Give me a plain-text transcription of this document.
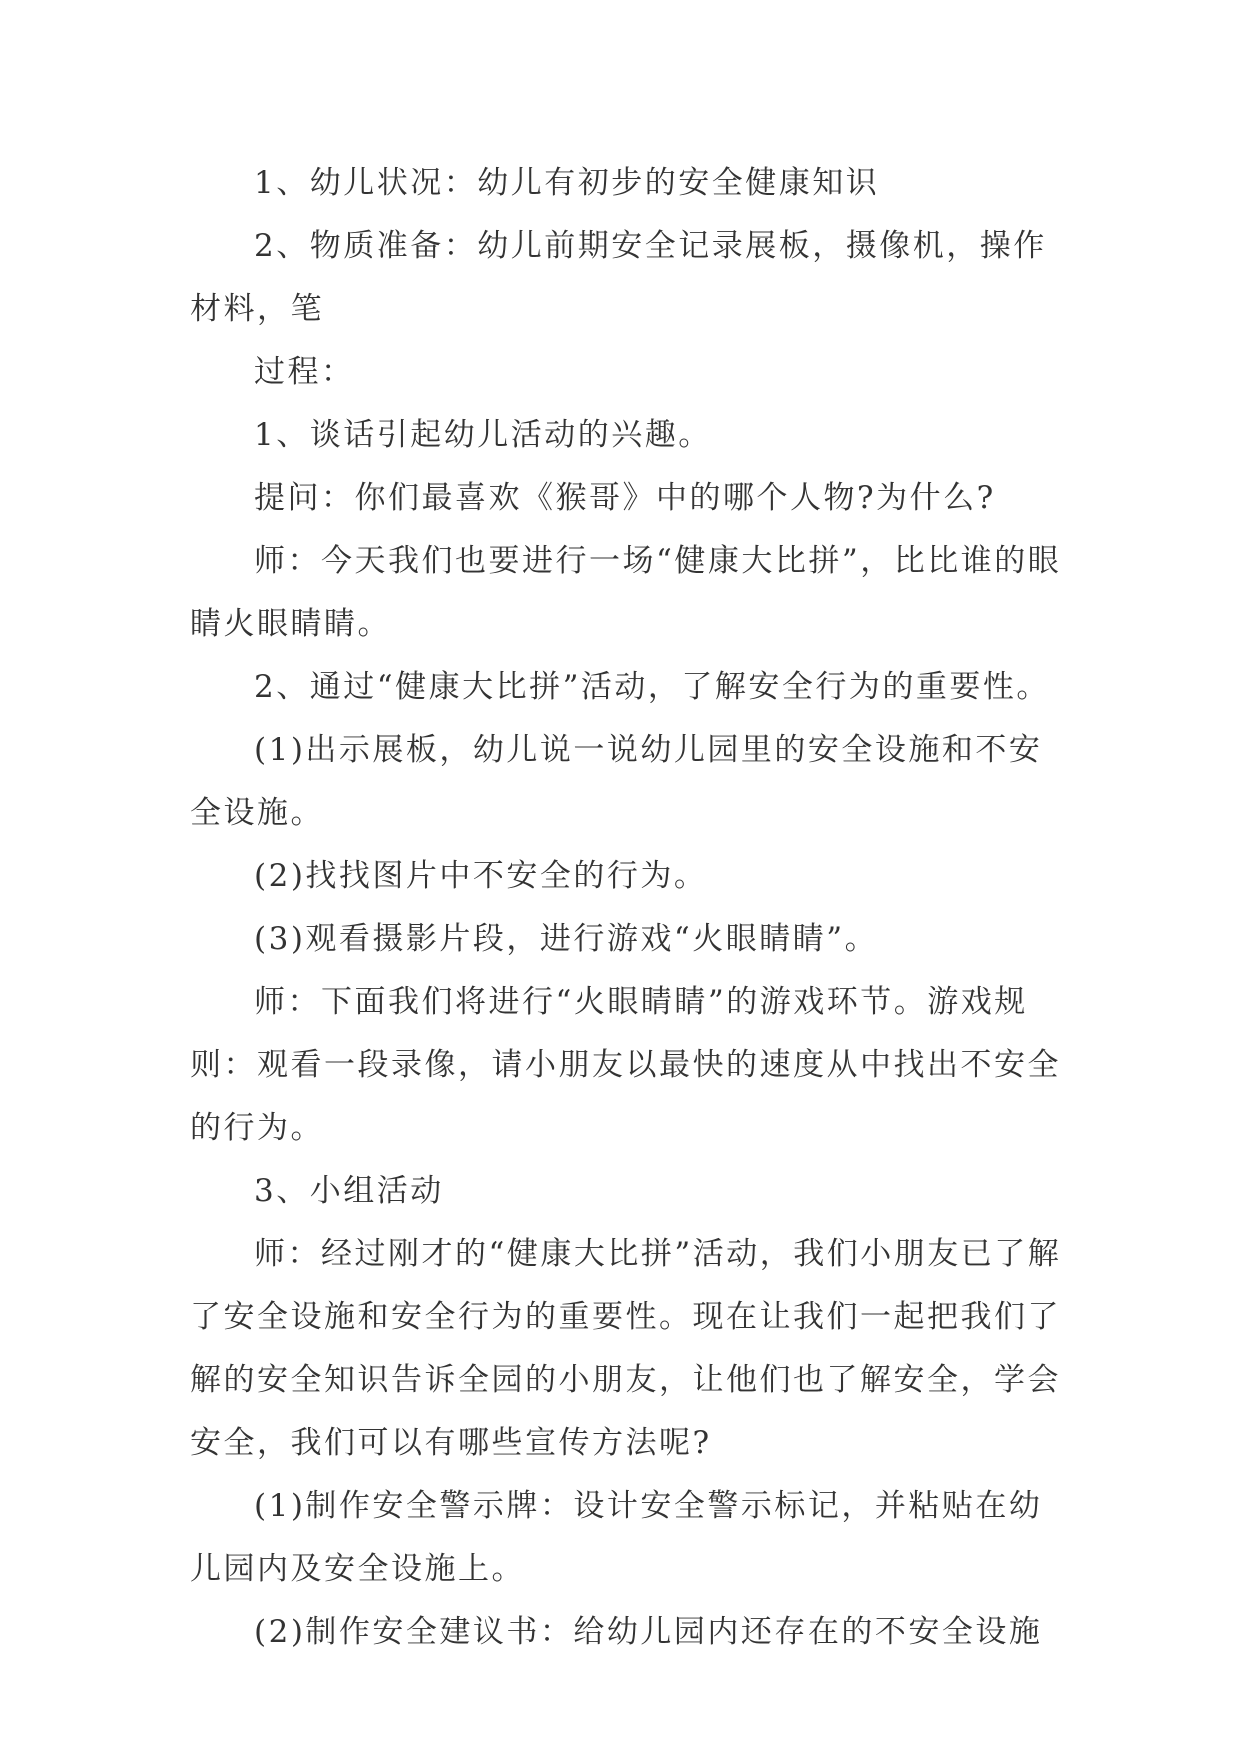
1、幼儿状况：幼儿有初步的安全健康知识

2、物质准备：幼儿前期安全记录展板，摄像机，操作材料，笔

过程：

1、谈话引起幼儿活动的兴趣。

提问：你们最喜欢《猴哥》中的哪个人物?为什么?

师：今天我们也要进行一场“健康大比拼”，比比谁的眼睛火眼睛睛。

2、通过“健康大比拼”活动，了解安全行为的重要性。

(1)出示展板，幼儿说一说幼儿园里的安全设施和不安全设施。

(2)找找图片中不安全的行为。

(3)观看摄影片段，进行游戏“火眼睛睛”。

师：下面我们将进行“火眼睛睛”的游戏环节。游戏规则：观看一段录像，请小朋友以最快的速度从中找出不安全的行为。

3、小组活动

师：经过刚才的“健康大比拼”活动，我们小朋友已了解了安全设施和安全行为的重要性。现在让我们一起把我们了解的安全知识告诉全园的小朋友，让他们也了解安全，学会安全，我们可以有哪些宣传方法呢?

(1)制作安全警示牌：设计安全警示标记，并粘贴在幼儿园内及安全设施上。

(2)制作安全建议书：给幼儿园内还存在的不安全设施
